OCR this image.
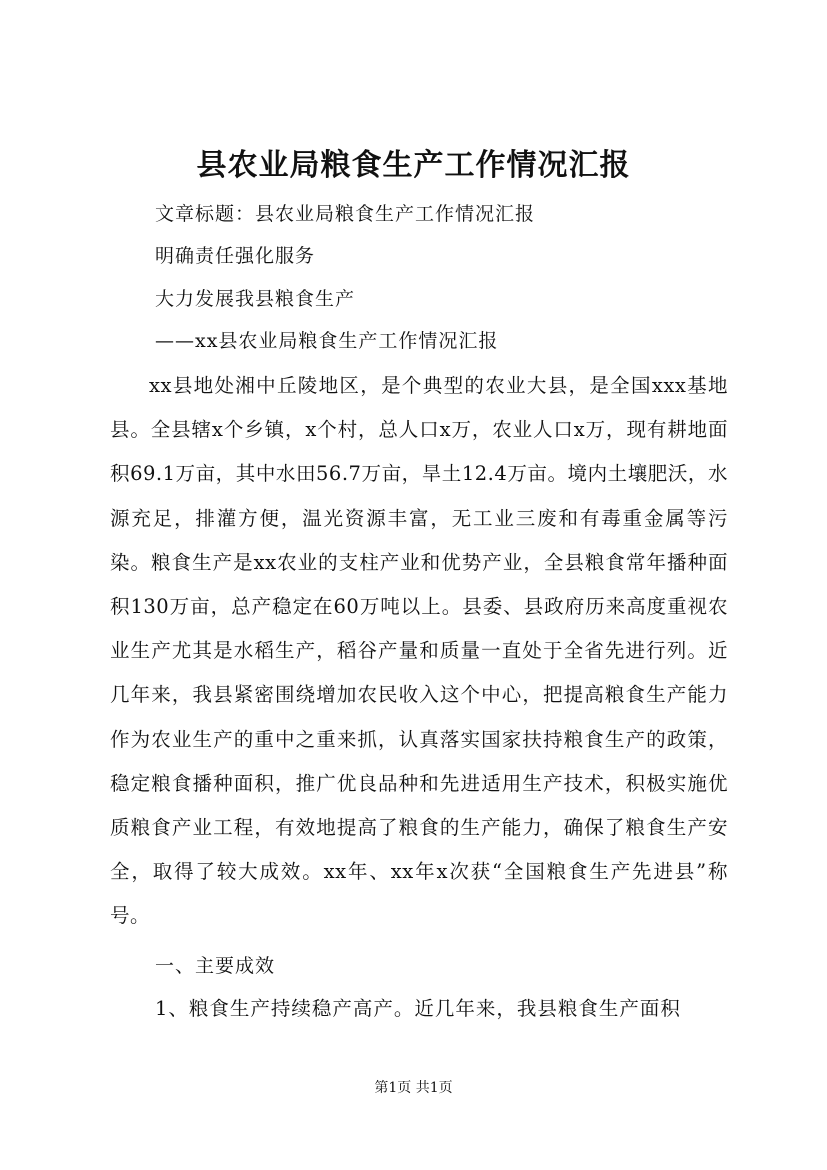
县农业局粮食生产工作情况汇报
文章标题：县农业局粮食生产工作情况汇报
明确责任强化服务
大力发展我县粮食生产
——xx县农业局粮食生产工作情况汇报
xx县地处湘中丘陵地区，是个典型的农业大县，是全国xxx基地县。全县辖x个乡镇，x个村，总人口x万，农业人口x万，现有耕地面积69.1万亩，其中水田56.7万亩，旱土12.4万亩。境内土壤肥沃，水源充足，排灌方便，温光资源丰富，无工业三废和有毒重金属等污染。粮食生产是xx农业的支柱产业和优势产业，全县粮食常年播种面积130万亩，总产稳定在60万吨以上。县委、县政府历来高度重视农业生产尤其是水稻生产，稻谷产量和质量一直处于全省先进行列。近几年来，我县紧密围绕增加农民收入这个中心，把提高粮食生产能力作为农业生产的重中之重来抓，认真落实国家扶持粮食生产的政策，稳定粮食播种面积，推广优良品种和先进适用生产技术，积极实施优质粮食产业工程，有效地提高了粮食的生产能力，确保了粮食生产安全，取得了较大成效。xx年、xx年x次获“全国粮食生产先进县”称号。
一、主要成效
1、粮食生产持续稳产高产。近几年来，我县粮食生产面积
第1页 共1页
